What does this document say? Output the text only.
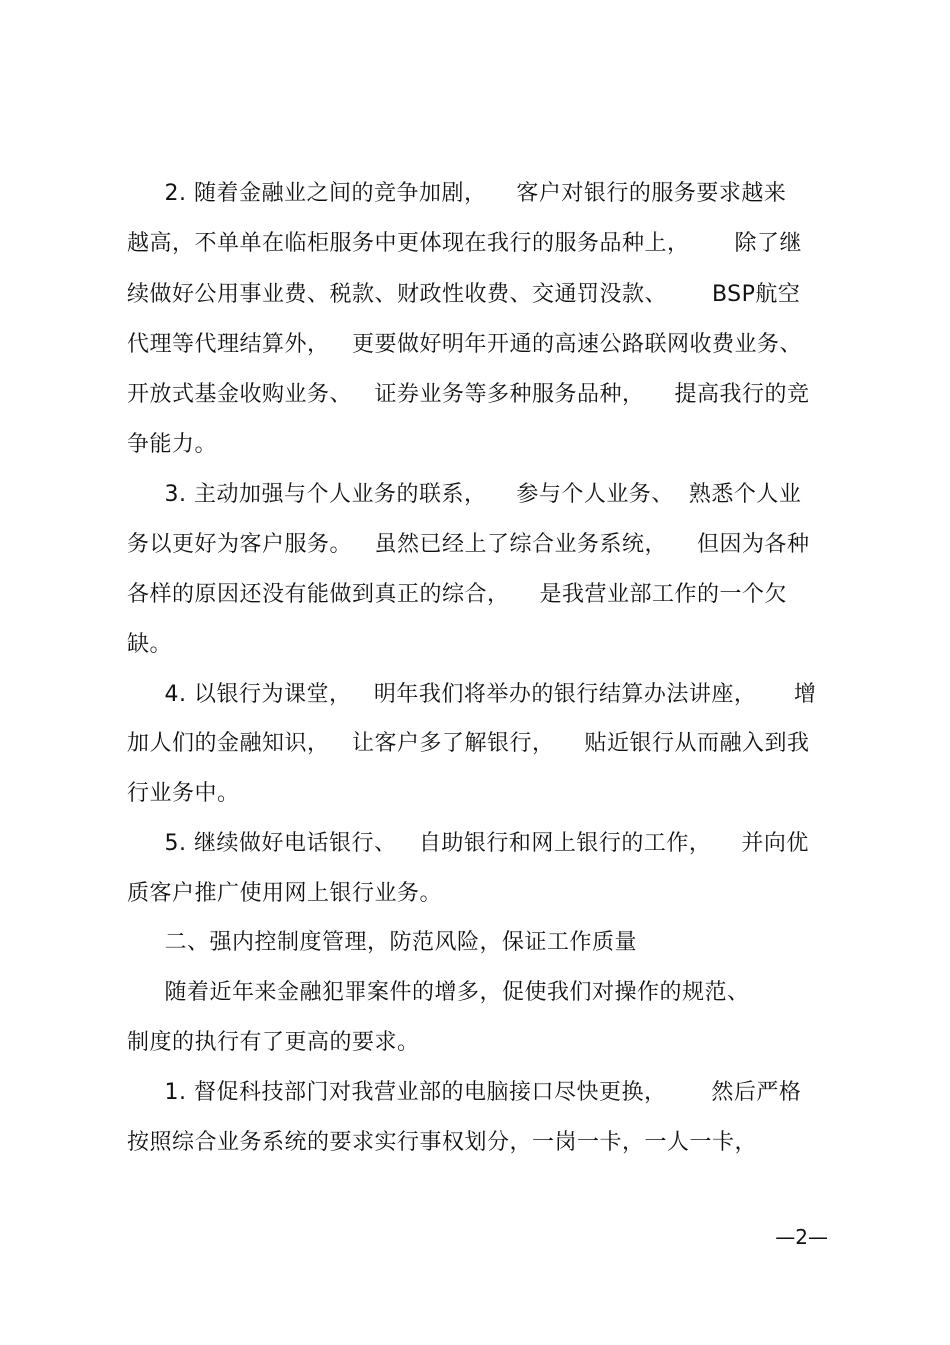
2. 随着金融业之间的竞争加剧，    客户对银行的服务要求越来
越高，不单单在临柜服务中更体现在我行的服务品种上，      除了继
续做好公用事业费、税款、财政性收费、交通罚没款、      BSP航空
代理等代理结算外，   更要做好明年开通的高速公路联网收费业务、
开放式基金收购业务、   证券业务等多种服务品种，    提高我行的竞
争能力。
3. 主动加强与个人业务的联系，    参与个人业务、  熟悉个人业
务以更好为客户服务。   虽然已经上了综合业务系统，    但因为各种
各样的原因还没有能做到真正的综合，    是我营业部工作的一个欠
缺。
4. 以银行为课堂，   明年我们将举办的银行结算办法讲座，     增
加人们的金融知识，   让客户多了解银行，    贴近银行从而融入到我
行业务中。
5. 继续做好电话银行、   自助银行和网上银行的工作，    并向优
质客户推广使用网上银行业务。
二、强内控制度管理，防范风险，保证工作质量
随着近年来金融犯罪案件的增多，促使我们对操作的规范、
制度的执行有了更高的要求。
1. 督促科技部门对我营业部的电脑接口尽快更换，      然后严格
按照综合业务系统的要求实行事权划分，一岗一卡，一人一卡，
—2—
